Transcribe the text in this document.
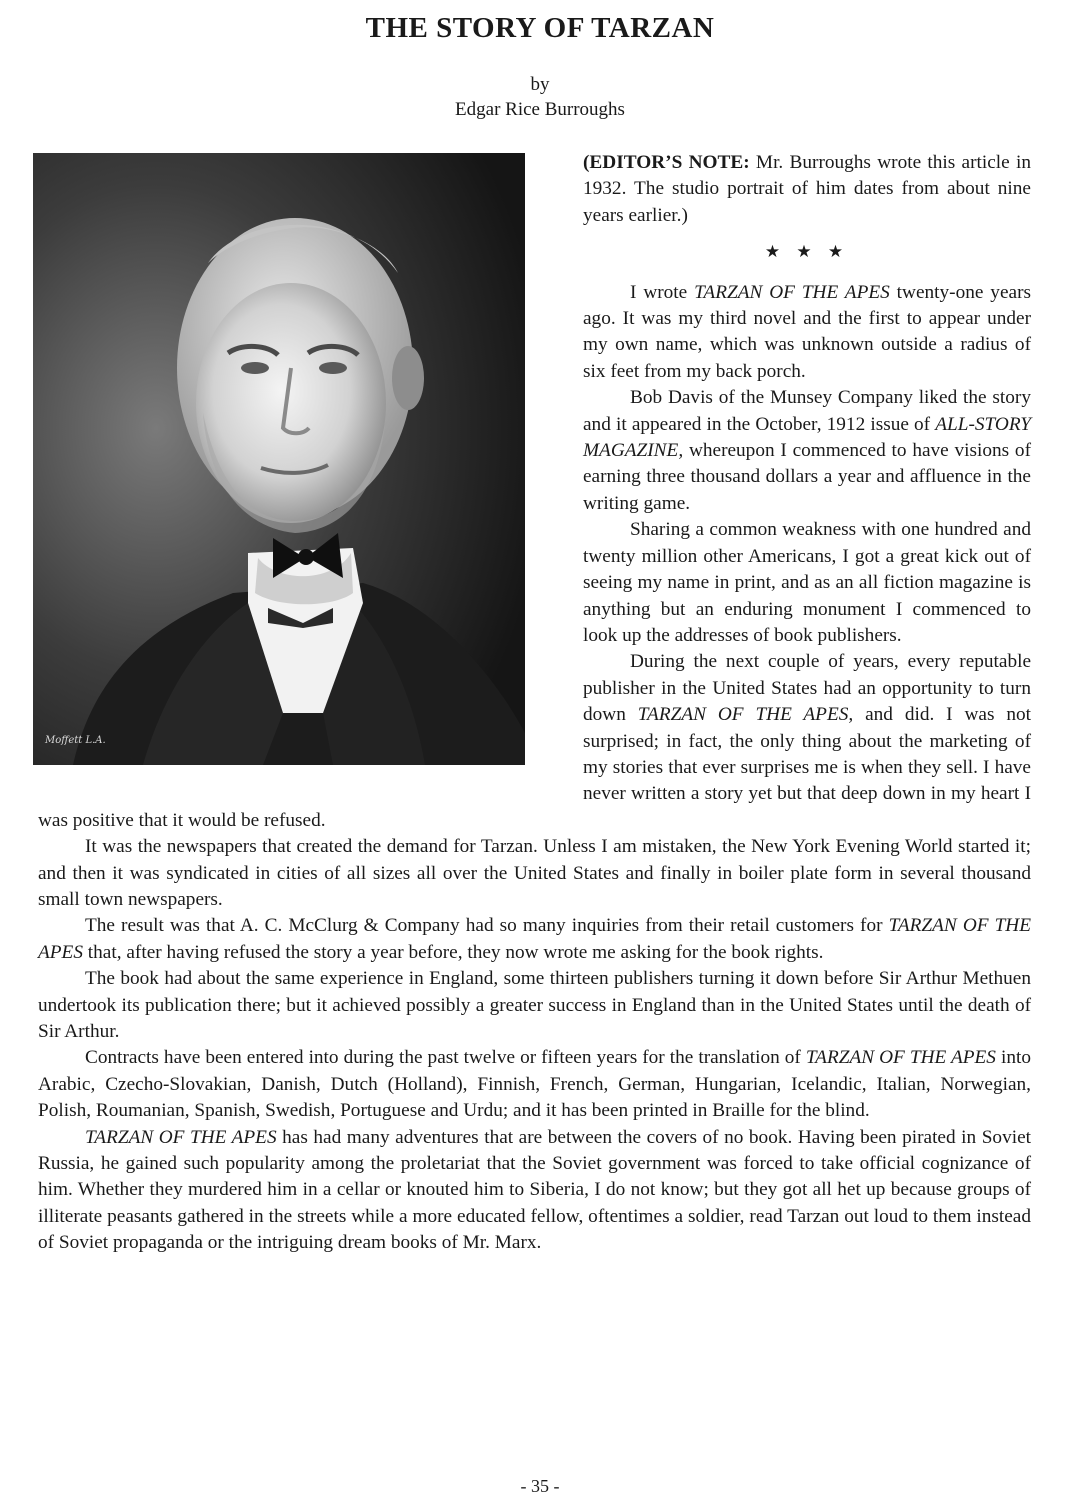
THE STORY OF TARZAN
by
Edgar Rice Burroughs
Moffett L.A.

(EDITOR’S NOTE: Mr. Burroughs wrote this article in 1932. The studio portrait of him dates from about nine years earlier.)

★ ★ ★

I wrote TARZAN OF THE APES twenty-one years ago. It was my third novel and the first to appear under my own name, which was unknown outside a radius of six feet from my back porch.

Bob Davis of the Munsey Company liked the story and it appeared in the October, 1912 issue of ALL-STORY MAGAZINE, whereupon I commenced to have visions of earning three thousand dollars a year and affluence in the writing game.

Sharing a common weakness with one hundred and twenty million other Americans, I got a great kick out of seeing my name in print, and as an all fiction magazine is anything but an enduring monument I commenced to look up the addresses of book publishers.

During the next couple of years, every reputable publisher in the United States had an opportunity to turn down TARZAN OF THE APES, and did. I was not surprised; in fact, the only thing about the marketing of my stories that ever surprises me is when they sell. I have never written a story yet but that deep down in my heart I was positive that it would be refused.

It was the newspapers that created the demand for Tarzan. Unless I am mistaken, the New York Evening World started it; and then it was syndicated in cities of all sizes all over the United States and finally in boiler plate form in several thousand small town newspapers.

The result was that A. C. McClurg & Company had so many inquiries from their retail customers for TARZAN OF THE APES that, after having refused the story a year before, they now wrote me asking for the book rights.

The book had about the same experience in England, some thirteen publishers turning it down before Sir Arthur Methuen undertook its publication there; but it achieved possibly a greater success in England than in the United States until the death of Sir Arthur.

Contracts have been entered into during the past twelve or fifteen years for the translation of TARZAN OF THE APES into Arabic, Czecho-Slovakian, Danish, Dutch (Holland), Finnish, French, German, Hungarian, Icelandic, Italian, Norwegian, Polish, Roumanian, Spanish, Swedish, Portuguese and Urdu; and it has been printed in Braille for the blind.

TARZAN OF THE APES has had many adventures that are between the covers of no book. Having been pirated in Soviet Russia, he gained such popularity among the proletariat that the Soviet government was forced to take official cognizance of him. Whether they murdered him in a cellar or knouted him to Siberia, I do not know; but they got all het up because groups of illiterate peasants gathered in the streets while a more educated fellow, oftentimes a soldier, read Tarzan out loud to them instead of Soviet propaganda or the intriguing dream books of Mr. Marx.

- 35 -
